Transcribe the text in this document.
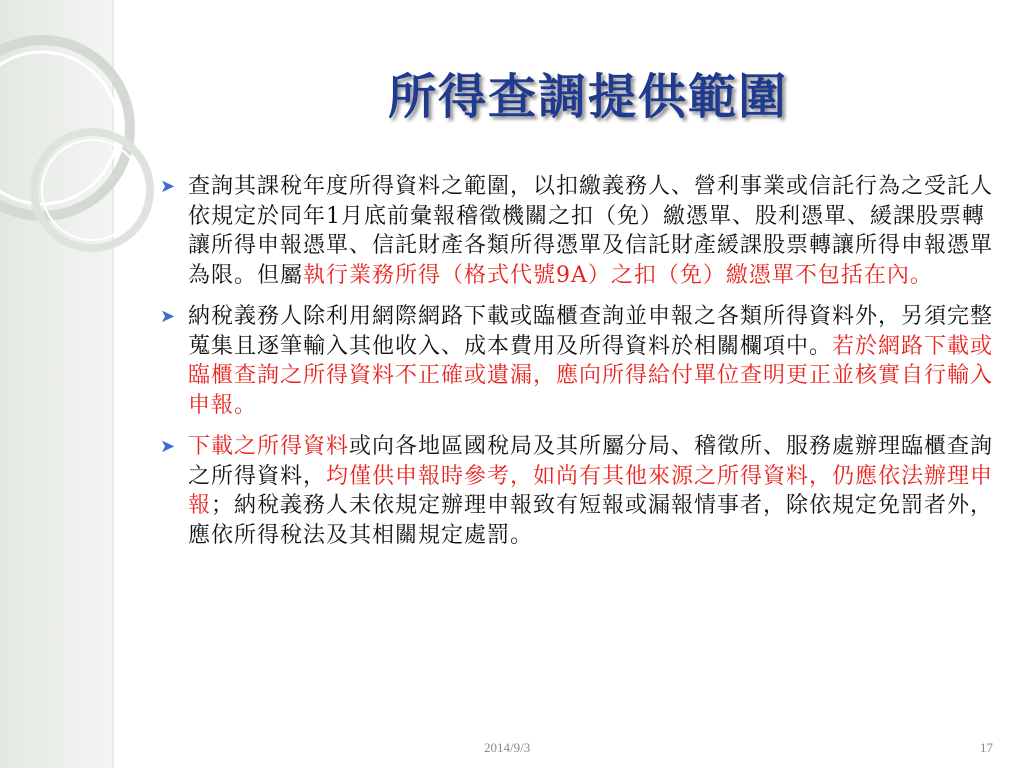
所得查調提供範圍

➤ 查詢其課稅年度所得資料之範圍，以扣繳義務人、營利事業或信託行為之受託人依規定於同年1月底前彙報稽徵機關之扣（免）繳憑單、股利憑單、緩課股票轉讓所得申報憑單、信託財產各類所得憑單及信託財產緩課股票轉讓所得申報憑單為限。但屬執行業務所得（格式代號9A）之扣（免）繳憑單不包括在內。

➤ 納稅義務人除利用網際網路下載或臨櫃查詢並申報之各類所得資料外，另須完整蒐集且逐筆輸入其他收入、成本費用及所得資料於相關欄項中。若於網路下載或臨櫃查詢之所得資料不正確或遺漏，應向所得給付單位查明更正並核實自行輸入申報。

➤ 下載之所得資料或向各地區國稅局及其所屬分局、稽徵所、服務處辦理臨櫃查詢之所得資料，均僅供申報時參考，如尚有其他來源之所得資料，仍應依法辦理申報；納稅義務人未依規定辦理申報致有短報或漏報情事者，除依規定免罰者外，應依所得稅法及其相關規定處罰。

2014/9/3	17
